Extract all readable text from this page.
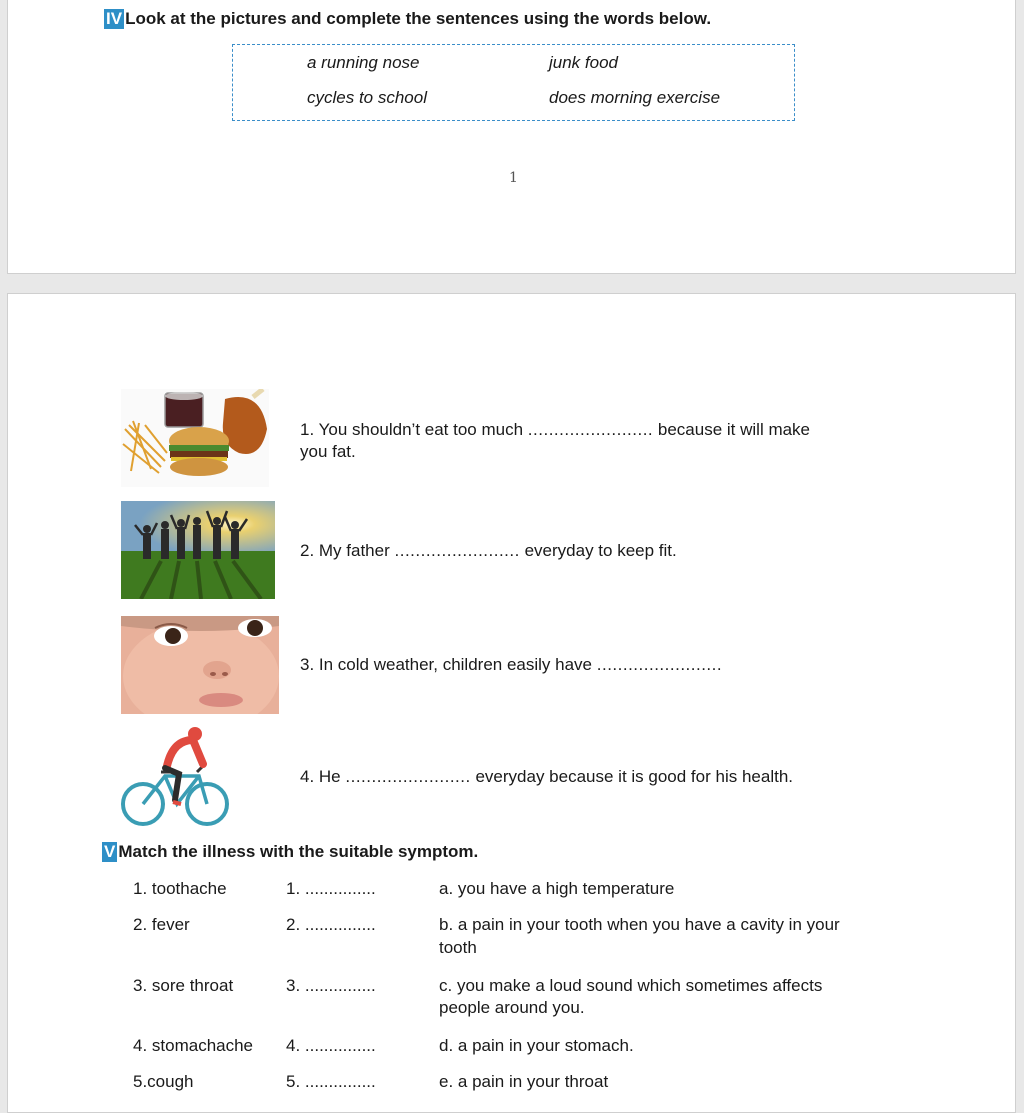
IV Look at the pictures and complete the sentences using the words below.
a running nose	junk food
cycles to school	does morning exercise
1
1. You shouldn’t eat too much ........................ because it will make
you fat.
2. My father ........................ everyday to keep fit.
3. In cold weather, children easily have ........................
4. He ........................ everyday because it is good for his health.
V Match the illness with the suitable symptom.
1. toothache	1. ...............	a. you have a high temperature
2. fever	2. ...............	b. a pain in your tooth when you have a cavity in your
tooth
3. sore throat	3. ...............	c. you make a loud sound which sometimes affects
people around you.
4. stomachache 4. ...............	d. a pain in your stomach.
5.cough	5. ...............	e. a pain in your throat
